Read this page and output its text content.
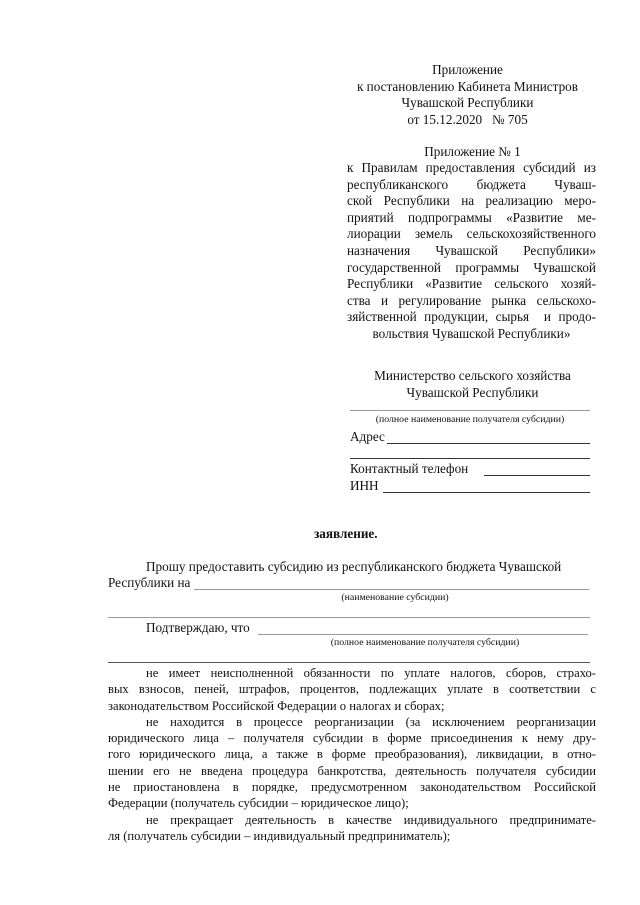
Приложение
к постановлению Кабинета Министров
Чувашской Республики
от 15.12.2020   № 705
Приложение № 1
к Правилам предоставления субсидий из
республиканского бюджета Чуваш-
ской Республики на реализацию меро-
приятий подпрограммы «Развитие ме-
лиорации земель сельскохозяйственного
назначения Чувашской Республики»
государственной программы Чувашской
Республики «Развитие сельского хозяй-
ства и регулирование рынка сельскохо-
зяйственной продукции, сырья  и продо-
вольствия Чувашской Республики»
Министерство сельского хозяйства
Чувашской Республики
(полное наименование получателя субсидии)
Адрес
Контактный телефон
ИНН
заявление.
Прошу предоставить субсидию из республиканского бюджета Чувашской
Республики на
(наименование субсидии)
Подтверждаю, что
(полное наименование получателя субсидии)
не имеет неисполненной обязанности по уплате налогов, сборов, страхо-
вых взносов, пеней, штрафов, процентов, подлежащих уплате в соответствии с
законодательством Российской Федерации о налогах и сборах;
не находится в процессе реорганизации (за исключением реорганизации
юридического лица – получателя субсидии в форме присоединения к нему дру-
гого юридического лица, а также в форме преобразования), ликвидации, в отно-
шении его не введена процедура банкротства, деятельность получателя субсидии
не приостановлена в порядке, предусмотренном законодательством Российской
Федерации (получатель субсидии – юридическое лицо);
не прекращает деятельность в качестве индивидуального предпринимате-
ля (получатель субсидии – индивидуальный предприниматель);
